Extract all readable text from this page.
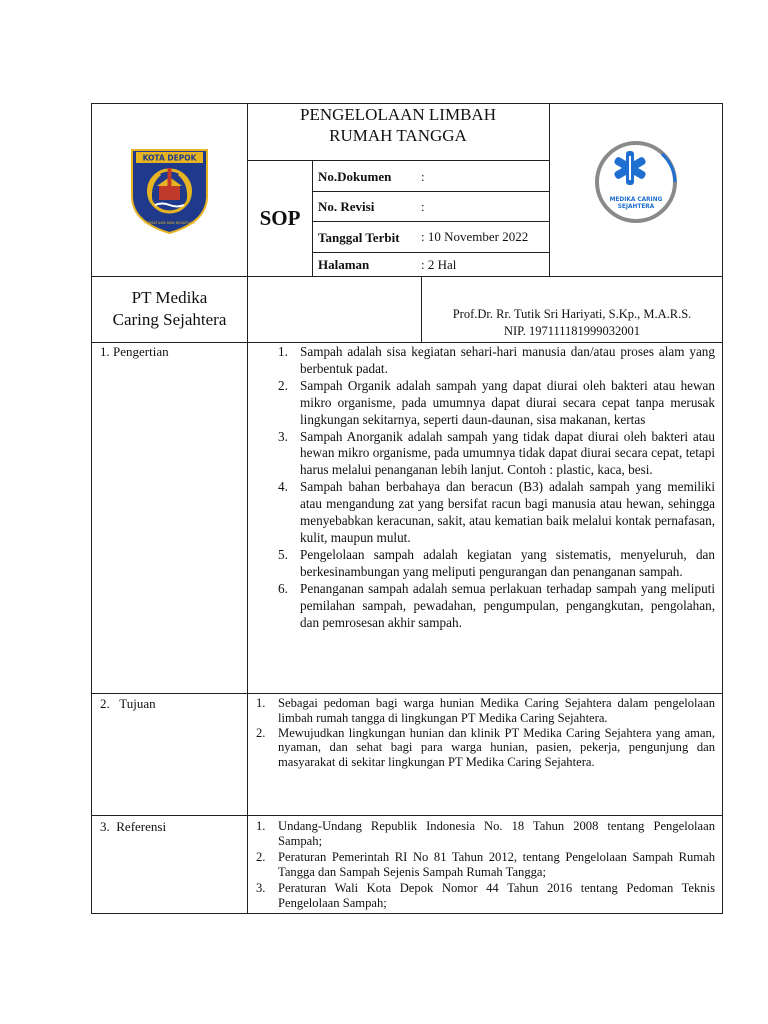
KOTA DEPOK
PERSATUAN DAN KESATUAN
PENGELOLAAN LIMBAH
RUMAH TANGGA
SOP
No.Dokumen :
No. Revisi	:
Tanggal Terbit : 10 November 2022
Halaman	: 2 Hal
MEDIKA CARING
SEJAHTERA
PT Medika
Caring Sejahtera	Prof.Dr. Rr. Tutik Sri Hariyati, S.Kp., M.A.R.S.
NIP. 197111181999032001
1. Pengertian	1. Sampah adalah sisa kegiatan sehari-hari manusia dan/atau proses alam yang berbentuk padat.
2. Sampah Organik adalah sampah yang dapat diurai oleh bakteri atau hewan mikro organisme, pada umumnya dapat diurai secara cepat tanpa merusak lingkungan sekitarnya, seperti daun-daunan, sisa makanan, kertas
3. Sampah Anorganik adalah sampah yang tidak dapat diurai oleh bakteri atau hewan mikro organisme, pada umumnya tidak dapat diurai secara cepat, tetapi harus melalui penanganan lebih lanjut. Contoh : plastic, kaca, besi.
4. Sampah bahan berbahaya dan beracun (B3) adalah sampah yang memiliki atau mengandung zat yang bersifat racun bagi manusia atau hewan, sehingga menyebabkan keracunan, sakit, atau kematian baik melalui kontak pernafasan, kulit, maupun mulut.
5. Pengelolaan sampah adalah kegiatan yang sistematis, menyeluruh, dan berkesinambungan yang meliputi pengurangan dan penanganan sampah.
6. Penanganan sampah adalah semua perlakuan terhadap sampah yang meliputi pemilahan sampah, pewadahan, pengumpulan, pengangkutan, pengolahan, dan pemrosesan akhir sampah.
2.   Tujuan	1. Sebagai pedoman bagi warga hunian Medika Caring Sejahtera dalam pengelolaan limbah rumah tangga di lingkungan PT Medika Caring Sejahtera.
2. Mewujudkan lingkungan hunian dan klinik PT Medika Caring Sejahtera yang aman, nyaman, dan sehat bagi para warga hunian, pasien, pekerja, pengunjung dan masyarakat di sekitar lingkungan PT Medika Caring Sejahtera.
3.  Referensi	1. Undang-Undang Republik Indonesia No. 18 Tahun 2008 tentang Pengelolaan Sampah;
2. Peraturan Pemerintah RI No 81 Tahun 2012, tentang Pengelolaan Sampah Rumah Tangga dan Sampah Sejenis Sampah Rumah Tangga;
3. Peraturan Wali Kota Depok Nomor 44 Tahun 2016 tentang Pedoman Teknis Pengelolaan Sampah;
